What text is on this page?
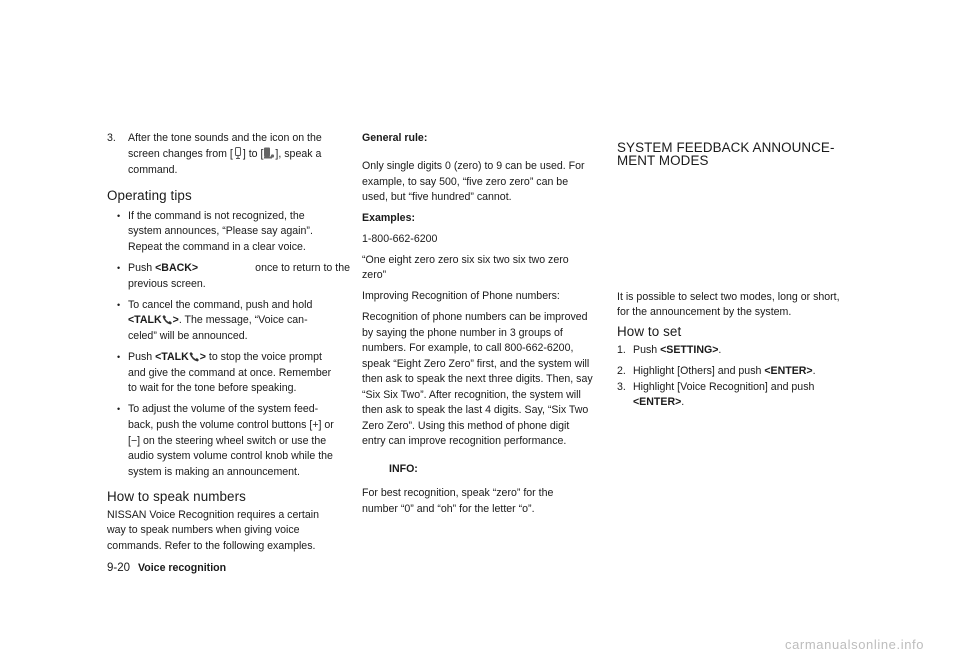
3. After the tone sounds and the icon on the

screen changes from [ ] to [ ], speak a

command.

Operating tips
• If the command is not recognized, the

system announces, “Please say again”.

Repeat the command in a clear voice.

• Push <BACK>	once to return to the

previous screen.

• To cancel the command, push and hold

<TALK >. The message, “Voice can-

celed” will be announced.

• Push <TALK > to stop the voice prompt

and give the command at once. Remember

to wait for the tone before speaking.

• To adjust the volume of the system feed-

back, push the volume control buttons [+] or

[−] on the steering wheel switch or use the

audio system volume control knob while the

system is making an announcement.

How to speak numbers

NISSAN Voice Recognition requires a certain

way to speak numbers when giving voice

commands. Refer to the following examples.

General rule:

Only single digits 0 (zero) to 9 can be used. For

example, to say 500, “five zero zero” can be

used, but “five hundred” cannot.

Examples:

1-800-662-6200

“One eight zero zero six six two six two zero

zero”

Improving Recognition of Phone numbers:

Recognition of phone numbers can be improved

by saying the phone number in 3 groups of

numbers. For example, to call 800-662-6200,

speak “Eight Zero Zero” first, and the system will

then ask to speak the next three digits. Then, say

“Six Six Two”. After recognition, the system will

then ask to speak the last 4 digits. Say, “Six Two

Zero Zero”. Using this method of phone digit

entry can improve recognition performance.

INFO:

For best recognition, speak “zero” for the

number “0” and “oh” for the letter “o”.

SYSTEM FEEDBACK ANNOUNCE-
MENT MODES

It is possible to select two modes, long or short,

for the announcement by the system.

How to set
1. Push <SETTING>.

2. Highlight [Others] and push <ENTER>.

3. Highlight [Voice Recognition] and push

<ENTER>.

9-20 Voice recognition
carmanualsonline.info
